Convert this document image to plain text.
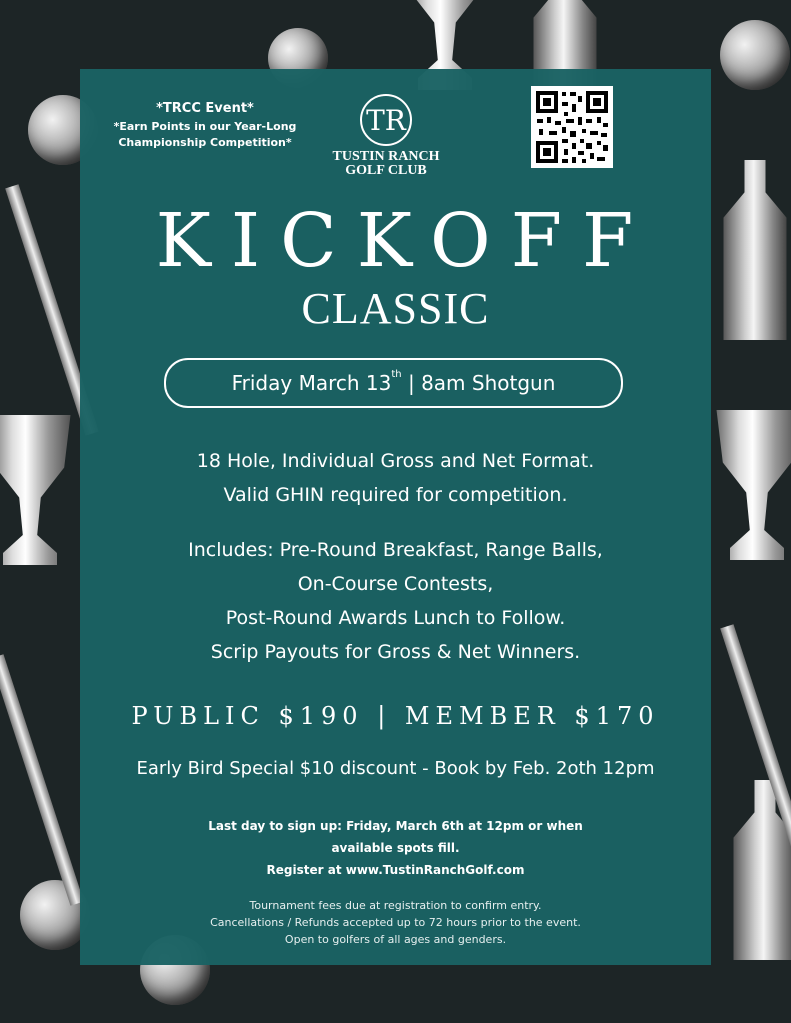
*TRCC Event*
*Earn Points in our Year-Long
Championship Competition*
TR
TUSTIN RANCH
GOLF CLUB
KICKOFF
CLASSIC
Friday March 13th | 8am Shotgun
18 Hole, Individual Gross and Net Format.
Valid GHIN required for competition.
Includes: Pre-Round Breakfast, Range Balls,
On-Course Contests,
Post-Round Awards Lunch to Follow.
Scrip Payouts for Gross & Net Winners.
PUBLIC $190 | MEMBER $170
Early Bird Special $10 discount - Book by Feb. 2oth 12pm
Last day to sign up: Friday, March 6th at 12pm or when
available spots fill.
Register at www.TustinRanchGolf.com
Tournament fees due at registration to confirm entry.
Cancellations / Refunds accepted up to 72 hours prior to the event.
Open to golfers of all ages and genders.
